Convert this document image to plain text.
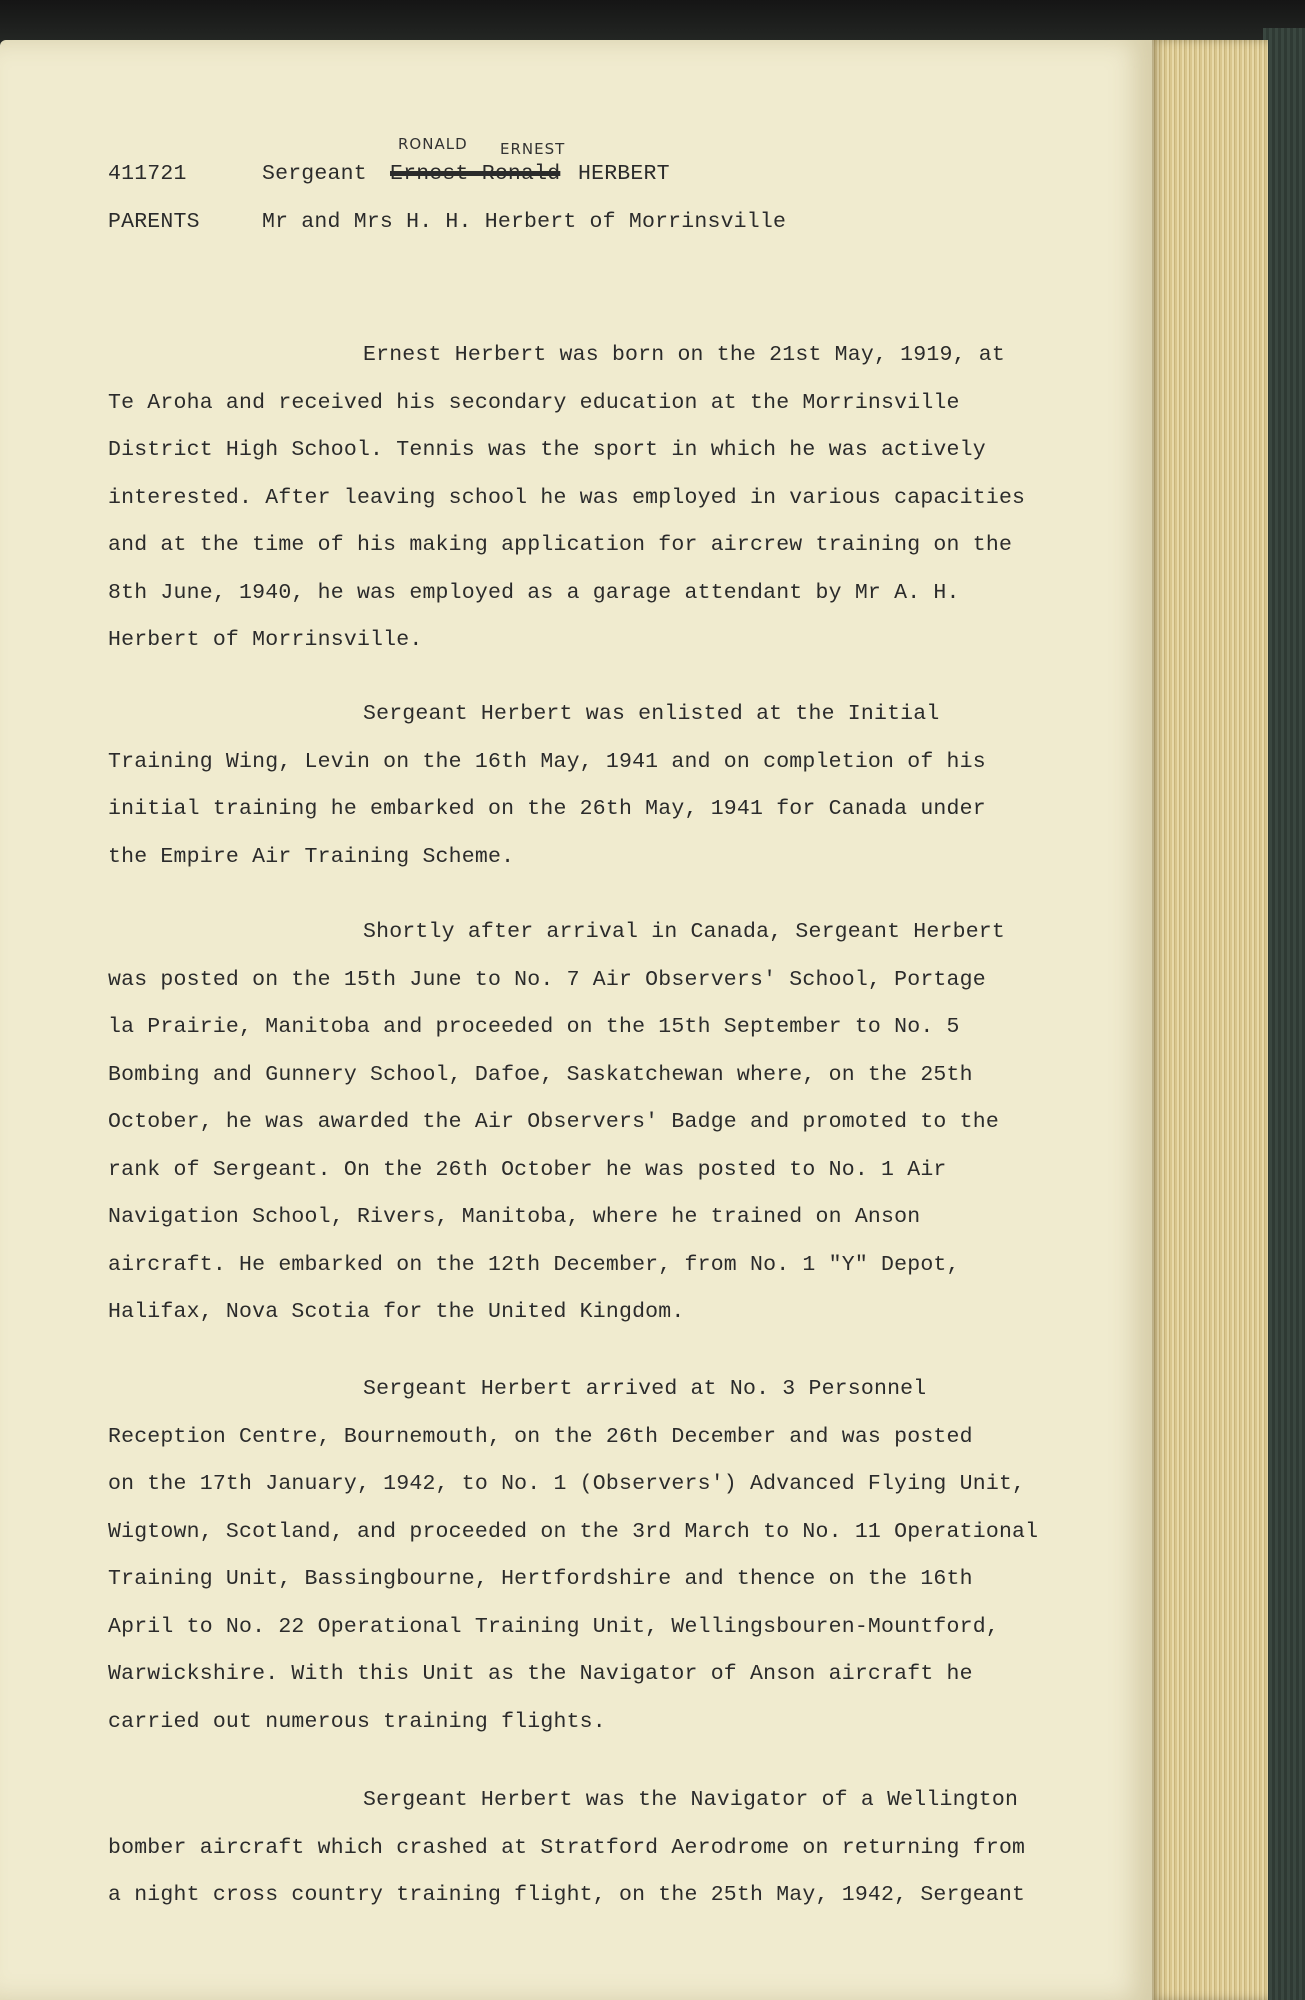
RONALD ERNEST
411721	Sergeant Ernest Ronald HERBERT
PARENTS	Mr and Mrs H. H. Herbert of Morrinsville
Ernest Herbert was born on the 21st May, 1919, at
Te Aroha and received his secondary education at the Morrinsville
District High School. Tennis was the sport in which he was actively
interested. After leaving school he was employed in various capacities
and at the time of his making application for aircrew training on the
8th June, 1940, he was employed as a garage attendant by Mr A. H.
Herbert of Morrinsville.
Sergeant Herbert was enlisted at the Initial
Training Wing, Levin on the 16th May, 1941 and on completion of his
initial training he embarked on the 26th May, 1941 for Canada under
the Empire Air Training Scheme.
Shortly after arrival in Canada, Sergeant Herbert
was posted on the 15th June to No. 7 Air Observers' School, Portage
la Prairie, Manitoba and proceeded on the 15th September to No. 5
Bombing and Gunnery School, Dafoe, Saskatchewan where, on the 25th
October, he was awarded the Air Observers' Badge and promoted to the
rank of Sergeant. On the 26th October he was posted to No. 1 Air
Navigation School, Rivers, Manitoba, where he trained on Anson
aircraft. He embarked on the 12th December, from No. 1 "Y" Depot,
Halifax, Nova Scotia for the United Kingdom.
Sergeant Herbert arrived at No. 3 Personnel
Reception Centre, Bournemouth, on the 26th December and was posted
on the 17th January, 1942, to No. 1 (Observers') Advanced Flying Unit,
Wigtown, Scotland, and proceeded on the 3rd March to No. 11 Operational
Training Unit, Bassingbourne, Hertfordshire and thence on the 16th
April to No. 22 Operational Training Unit, Wellingsbouren-Mountford,
Warwickshire. With this Unit as the Navigator of Anson aircraft he
carried out numerous training flights.
Sergeant Herbert was the Navigator of a Wellington
bomber aircraft which crashed at Stratford Aerodrome on returning from
a night cross country training flight, on the 25th May, 1942, Sergeant
